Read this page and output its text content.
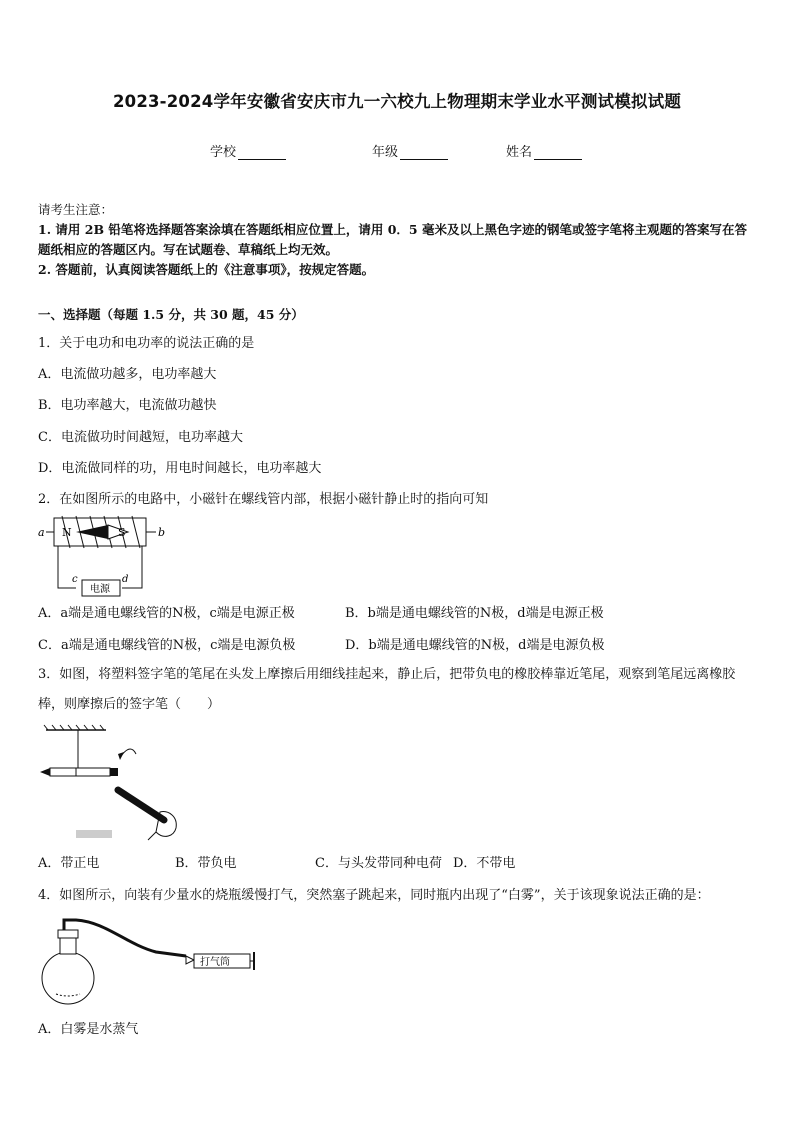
2023-2024学年安徽省安庆市九一六校九上物理期末学业水平测试模拟试题
学校	年级	姓名
请考生注意：
1. 请用 2B 铅笔将选择题答案涂填在答题纸相应位置上，请用 0．5 毫米及以上黑色字迹的钢笔或签字笔将主观题的答案写在答题纸相应的答题区内。写在试题卷、草稿纸上均无效。
2. 答题前，认真阅读答题纸上的《注意事项》，按规定答题。
一、选择题（每题 1.5 分，共 30 题，45 分）
1．关于电功和电功率的说法正确的是
A．电流做功越多，电功率越大
B．电功率越大，电流做功越快
C．电流做功时间越短，电功率越大
D．电流做同样的功，用电时间越长，电功率越大
2．在如图所示的电路中，小磁针在螺线管内部，根据小磁针静止时的指向可知
a	b
N	S
电源
c	d
A．a端是通电螺线管的N极，c端是电源正极	B．b端是通电螺线管的N极，d端是电源正极
C．a端是通电螺线管的N极，c端是电源负极	D．b端是通电螺线管的N极，d端是电源负极
3．如图，将塑料签字笔的笔尾在头发上摩擦后用细线挂起来，静止后，把带负电的橡胶棒靠近笔尾，观察到笔尾远离橡胶棒，则摩擦后的签字笔（　　）
A．带正电	B．带负电	C．与头发带同种电荷 D．不带电
4．如图所示，向装有少量水的烧瓶缓慢打气，突然塞子跳起来，同时瓶内出现了“白雾”，关于该现象说法正确的是：
打气筒
A．白雾是水蒸气
